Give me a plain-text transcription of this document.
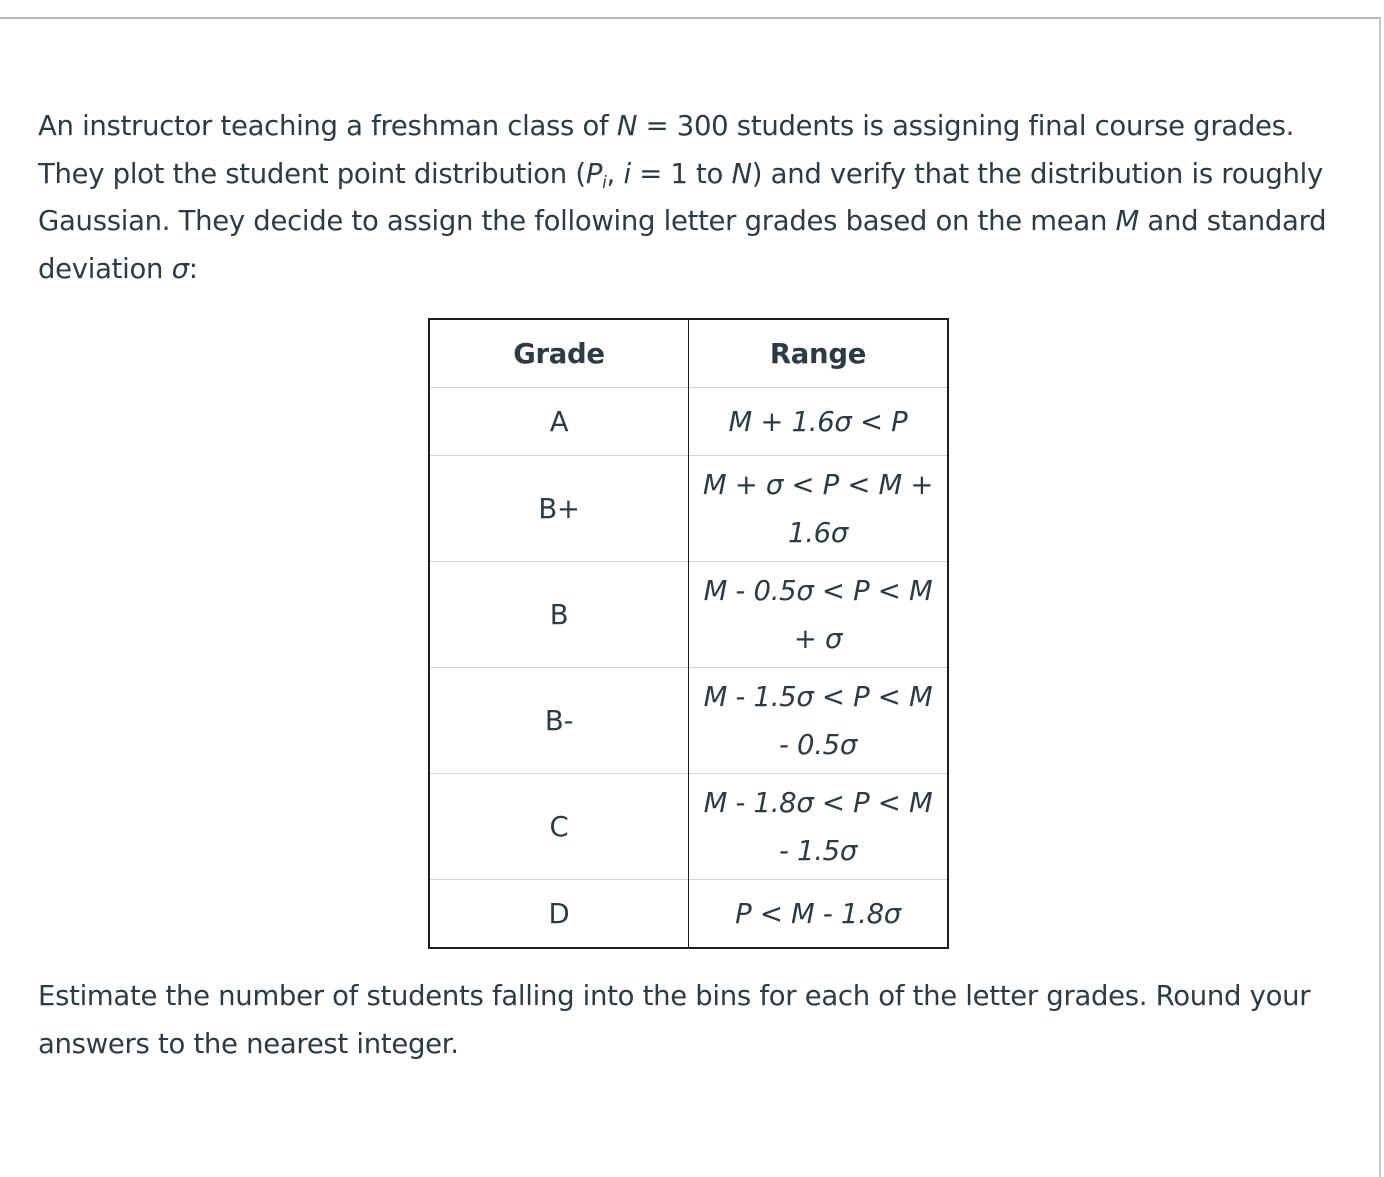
An instructor teaching a freshman class of N = 300 students is assigning final course grades. They plot the student point distribution ($P_i$, i = 1 to N) and verify that the distribution is roughly Gaussian. They decide to assign the following letter grades based on the mean M and standard deviation σ:

Grade	Range
A	M + 1.6σ < P
B+	M + σ < P < M + 1.6σ
B	M - 0.5σ < P < M + σ
B-	M - 1.5σ < P < M - 0.5σ
C	M - 1.8σ < P < M - 1.5σ
D	P < M - 1.8σ

Estimate the number of students falling into the bins for each of the letter grades. Round your answers to the nearest integer.
